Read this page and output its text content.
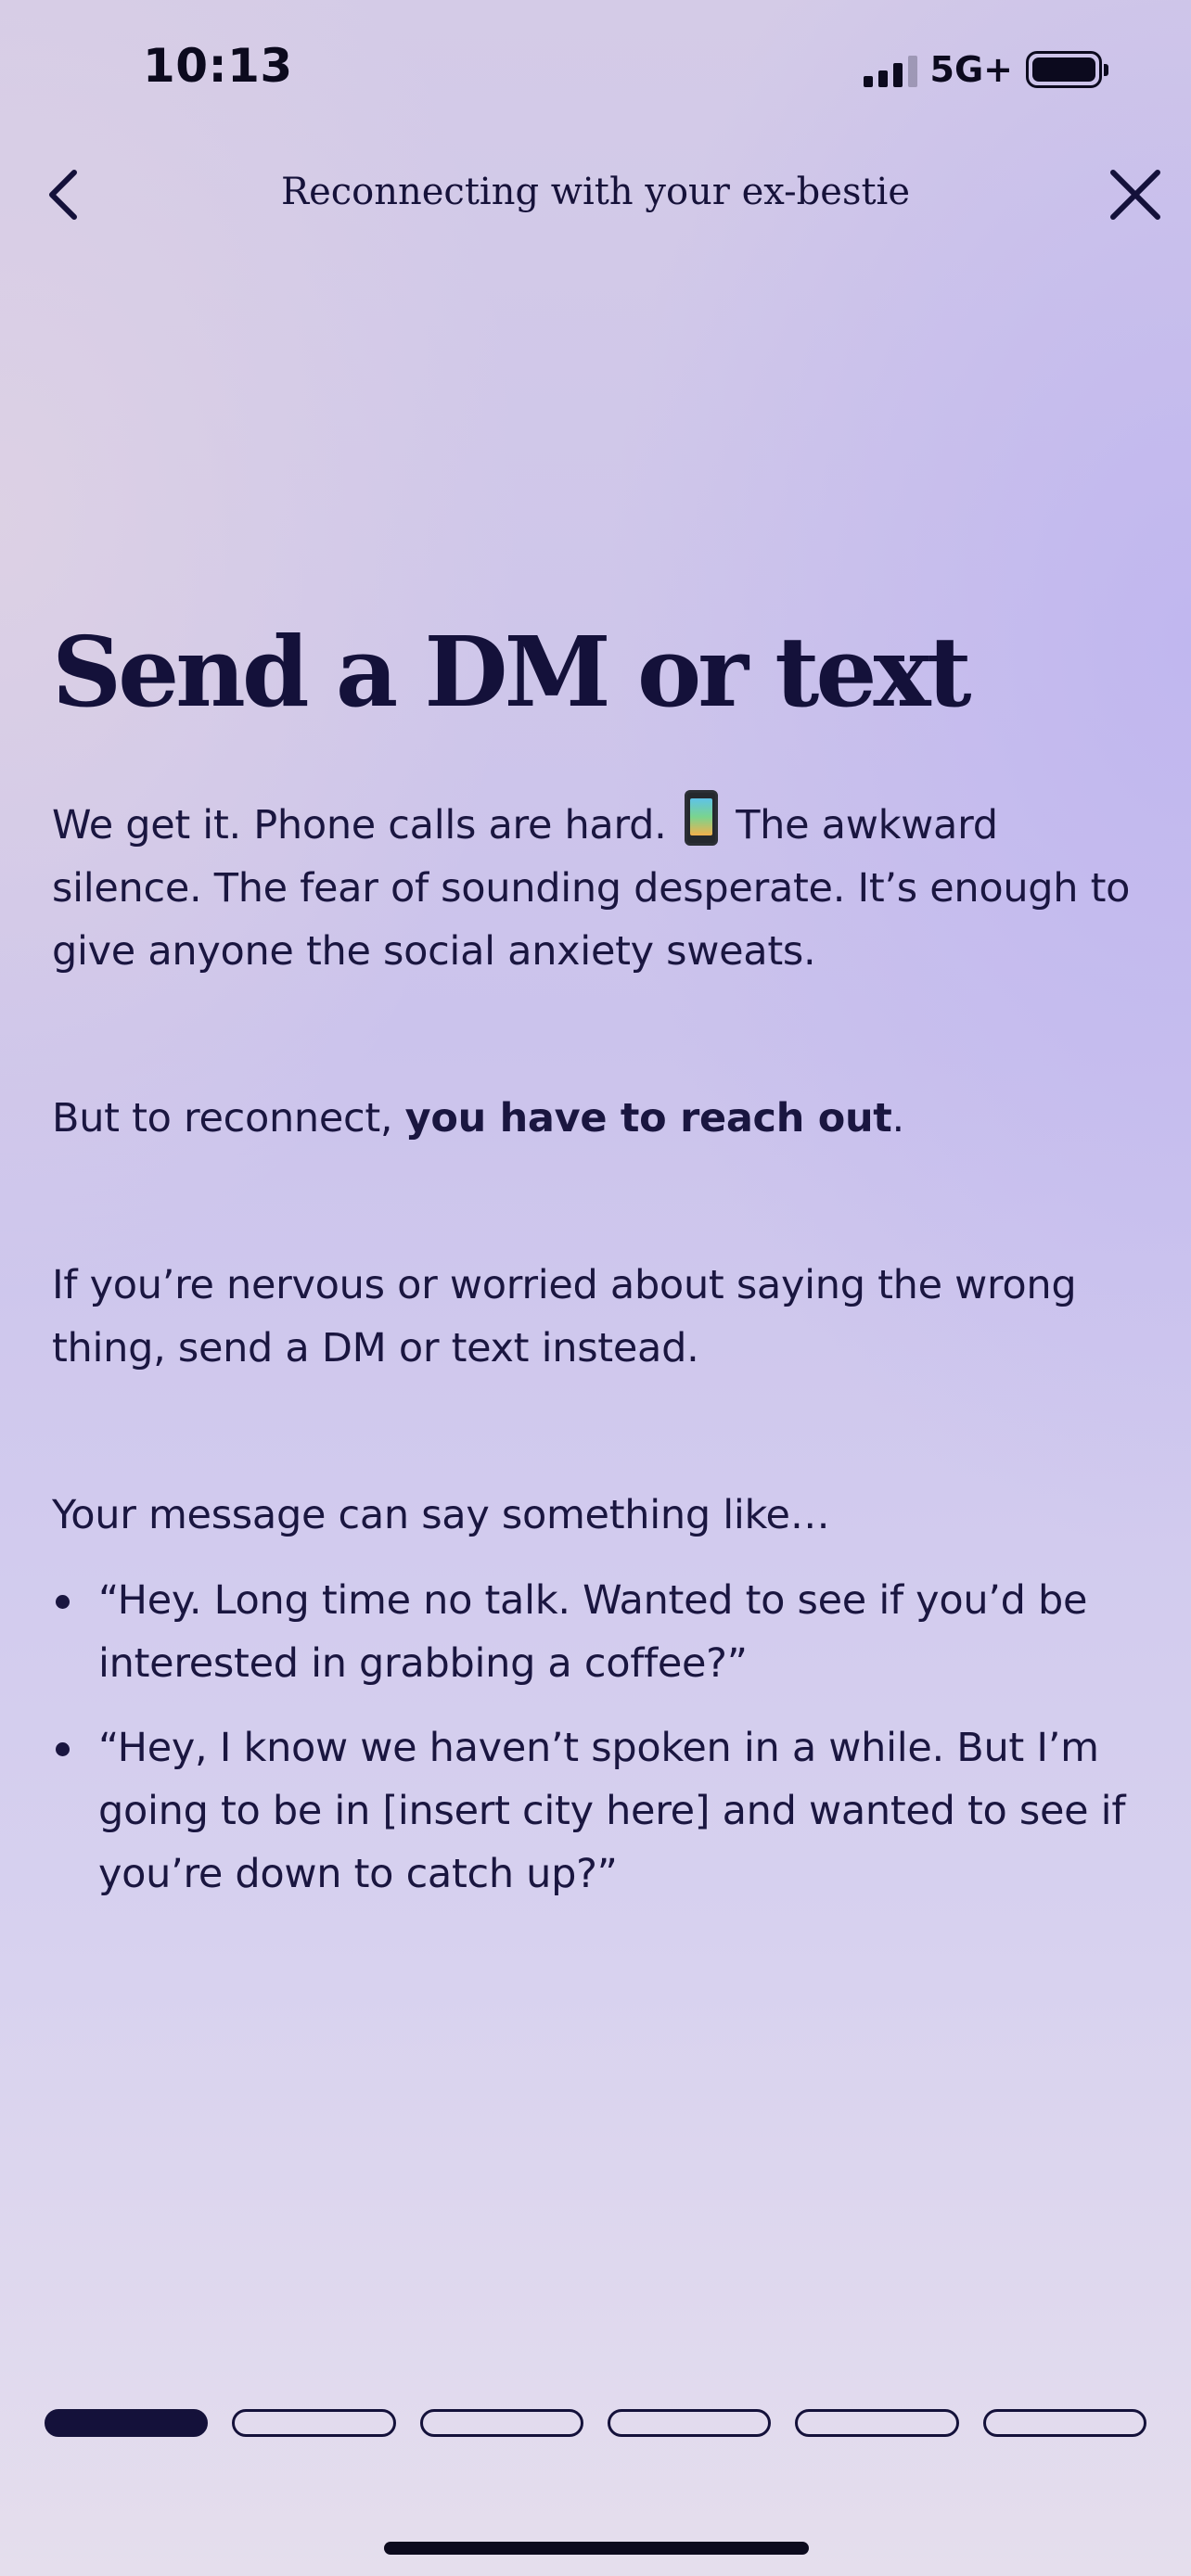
10:13	5G+
Reconnecting with your ex-bestie
Send a DM or text

We get it. Phone calls are hard. The awkward silence. The fear of sounding desperate. It’s enough to give anyone the social anxiety sweats.

But to reconnect, you have to reach out.

If you’re nervous or worried about saying the wrong thing, send a DM or text instead.

Your message can say something like…

“Hey. Long time no talk. Wanted to see if you’d be interested in grabbing a coffee?”
“Hey, I know we haven’t spoken in a while. But I’m going to be in [insert city here] and wanted to see if you’re down to catch up?”
